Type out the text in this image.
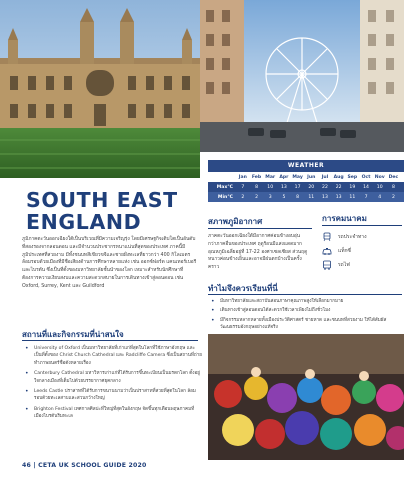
WEATHER
Jan	Feb Mar Apr May Jun	Jul	Aug Sep Oct Nov Dec
Max°C	7	8	10	13	17	20	22	22	19	14	10	8
Min°C	2	2	3	5	8	11	13	13	11	7	4	2
SOUTH EAST
ENGLAND

ภูมิภาคตะวันออกเฉียงใต้เป็นบริเวณที่มีความเจริญรุ่ง โดยมีเศรษฐกิจเติบโตเป็นอันดับที่สองรองจากลอนดอน และมีจำนวนประชากรหนาแน่นที่สุดของประเทศ ภาคนี้มีภูมิประเทศที่สวยงาม มีทั้งชนบทสีเขียวขจีและชายฝั่งทะเลที่ยาวกว่า 400 กิโลเมตร ล้อมรอบด้วยเมืองที่มีชื่อเสียงด้านการศึกษาหลายแห่ง เช่น ออกซ์ฟอร์ด แคนเทอร์เบอรี และไบรตัน ซึ่งเป็นที่ตั้งของมหาวิทยาลัยชั้นนำของโลก เหมาะสำหรับนักศึกษาที่ต้องการความเงียบสงบและความสะดวกสบายในการเดินทางเข้าสู่ลอนดอน เช่น Oxford, Surrey, Kent และ Guildford

สถานที่และกิจกรรมที่น่าสนใจ
• University of Oxford เป็นมหาวิทยาลัยที่เก่าแก่ที่สุดในโลกที่ใช้ภาษาอังกฤษ และเป็นที่ตั้งของ Christ Church Cathedral และ Radcliffe Camera ซึ่งเป็นสถานที่ถ่ายทำภาพยนตร์ชื่อดังหลายเรื่อง
• Canterbury Cathedral มหาวิหารเก่าแก่ที่ได้รับการขึ้นทะเบียนเป็นมรดกโลก ตั้งอยู่ใจกลางเมืองที่เต็มไปด้วยบรรยากาศยุคกลาง
• Leeds Castle ปราสาทที่ได้รับการขนานนามว่าเป็นปราสาทที่สวยที่สุดในโลก ล้อมรอบด้วยทะเลสาบและสวนกว้างใหญ่
• Brighton Festival เทศกาลศิลปะที่ใหญ่ที่สุดในอังกฤษ จัดขึ้นทุกเดือนพฤษภาคมที่เมืองไบรตันริมทะเล
สภาพภูมิอากาศ

ภาคตะวันออกเฉียงใต้มีอากาศค่อนข้างอบอุ่นกว่าภาคอื่นของประเทศ ฤดูร้อนมีแสงแดดมาก อุณหภูมิเฉลี่ยอยู่ที่ 17-22 องศาเซลเซียส ส่วนฤดูหนาวค่อนข้างเย็นและอาจมีฝนตกบ้างเป็นครั้งคราว

การคมนาคม
รถประจำทาง
แท็กซี่
รถไฟ
ทำไมจึงควรเรียนที่นี่
• มีมหาวิทยาลัยและสถาบันสอนภาษาคุณภาพสูงให้เลือกมากมาย
• เดินทางเข้าสู่ลอนดอนได้สะดวกใช้เวลาเพียงไม่ถึงชั่วโมง
• มีกิจกรรมหลากหลายทั้งเมืองประวัติศาสตร์ ชายหาด และชนบทที่สวยงาม ให้ได้สัมผัสวัฒนธรรมอังกฤษอย่างแท้จริง
46 | CETA UK SCHOOL GUIDE 2020
